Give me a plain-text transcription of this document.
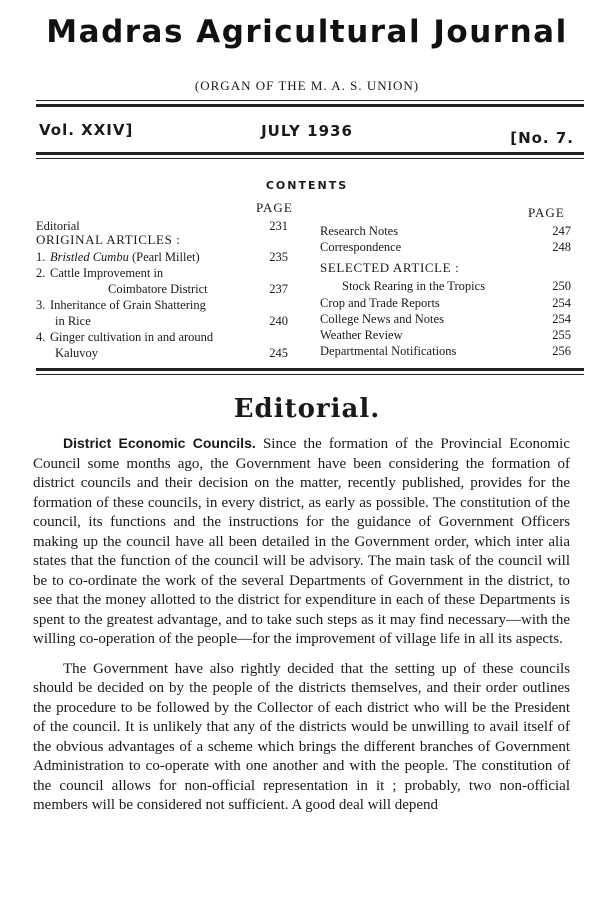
Madras Agricultural Journal
(ORGAN OF THE M. A. S. UNION)
Vol. XXIV]	JULY 1936	[No. 7.
CONTENTS
PAGE	PAGE
Editorial	231
ORIGINAL ARTICLES :
1. Bristled Cumbu (Pearl Millet)	235
2. Cattle Improvement in
Coimbatore District	237
3. Inheritance of Grain Shattering
in Rice	240
4. Ginger cultivation in and around
Kaluvoy	245
Research Notes	247
Correspondence	248
SELECTED ARTICLE :
Stock Rearing in the Tropics	250
Crop and Trade Reports	254
College News and Notes	254
Weather Review	255
Departmental Notifications	256
Editorial.

District Economic Councils. Since the formation of the Provincial Economic Council some months ago, the Government have been considering the formation of district councils and their decision on the matter, recently published, provides for the formation of these councils, in every district, as early as possible. The constitution of the council, its functions and the instructions for the guidance of Government Officers making up the council have all been detailed in the Government order, which inter alia states that the function of the council will be advisory. The main task of the council will be to co-ordinate the work of the several Departments of Government in the district, to see that the money allotted to the district for expenditure in each of these Departments is spent to the greatest advantage, and to take such steps as it may find necessary—with the willing co-operation of the people—for the improvement of village life in all its aspects.

The Government have also rightly decided that the setting up of these councils should be decided on by the people of the districts themselves, and their order outlines the procedure to be followed by the Collector of each district who will be the President of the council. It is unlikely that any of the districts would be unwilling to avail itself of the obvious advantages of a scheme which brings the different branches of Government Administration to co-operate with one another and with the people. The constitution of the council allows for non-official representation in it ; probably, two non-official members will be considered not sufficient. A good deal will depend
